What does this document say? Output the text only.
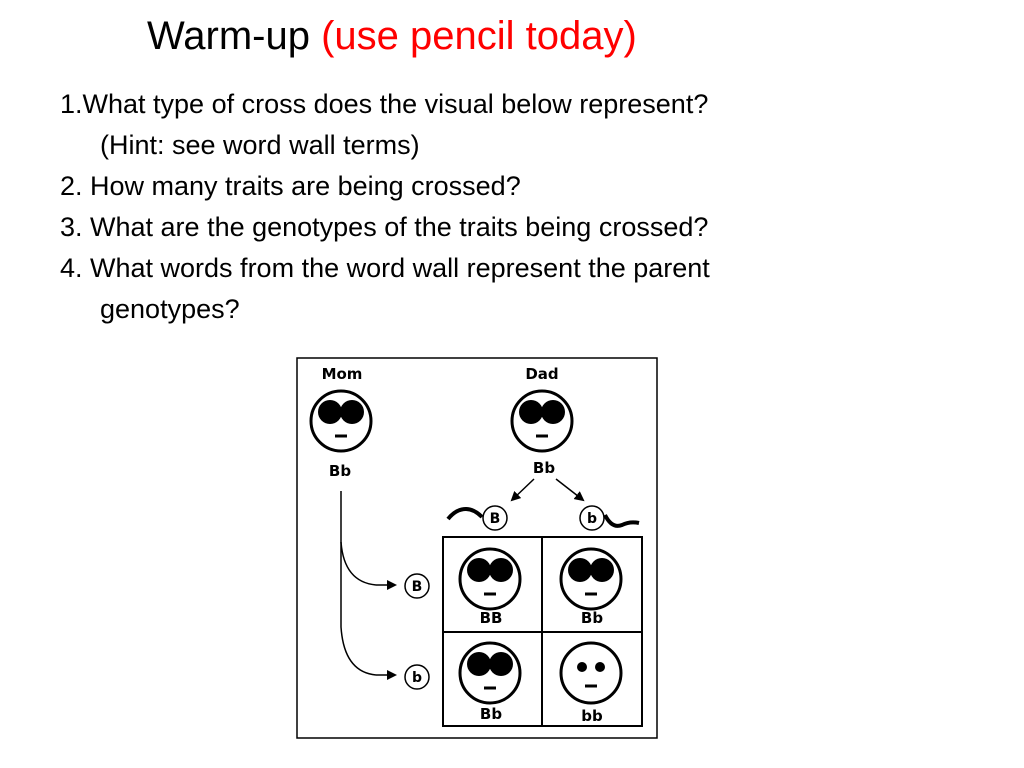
Warm-up (use pencil today)
1.What type of cross does the visual below represent?
(Hint: see word wall terms)
2. How many traits are being crossed?
3. What are the genotypes of the traits being crossed?
4. What words from the word wall represent the parent
genotypes?
Mom
Bb
Dad
Bb
B	b
B
b
BB	Bb
Bb	bb
